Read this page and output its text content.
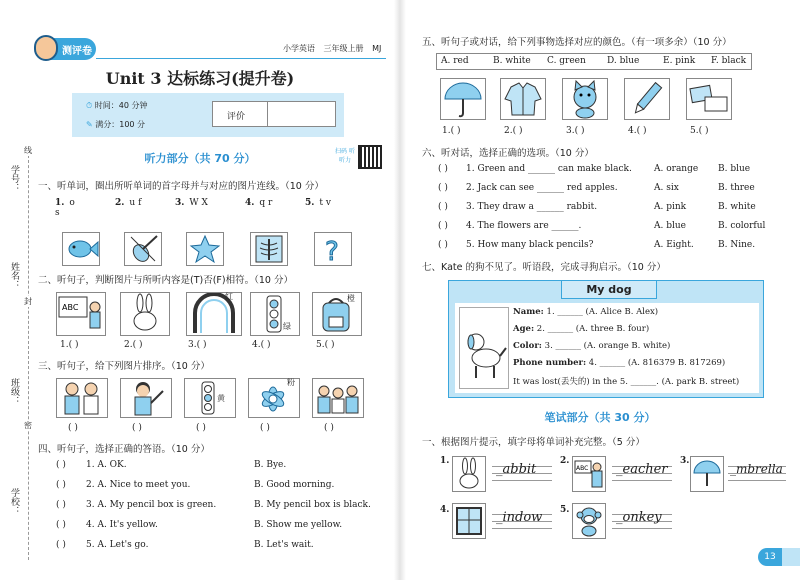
学号：
姓名：
班级：
学校：
线
封
密
测评卷	小学英语 三年级上册 MJ
Unit 3 达标练习(提升卷)
⏱ 时间：40 分钟
✎ 满分：100 分
评价
扫码 听听力
听力部分（共 70 分）
一、听单词，圈出所听单词的首字母并与对应的图片连线。（10 分）
1. o s
2. u f	3. W X	4. q r	5. t v
?
二、听句子，判断图片与所听内容是(T)否(F)相符。（10 分）
ABC
红
绿
橙
1.( )	2.( )	3.( )	4.( )	5.( )
三、听句子，给下列图片排序。（10 分）
黄
粉
( )	( )	( )	( )	( )
四、听句子，选择正确的答语。（10 分）
( ) 1. A. OK.	B. Bye.
( ) 2. A. Nice to meet you.	B. Good morning.
( ) 3. A. My pencil box is green.	B. My pencil box is black.
( ) 4. A. It's yellow.	B. Show me yellow.
( ) 5. A. Let's go.	B. Let's wait.
五、听句子或对话，给下列事物选择对应的颜色。（有一项多余）（10 分）
A. red	B. white C. green D. blue	E. pink F. black
1.( )	2.( )	3.( )	4.( )	5.( )
六、听对话，选择正确的选项。（10 分）
( ) 1. Green and ______ can make black. A. orange B. blue
( ) 2. Jack can see ______ red apples.	A. six	B. three
( ) 3. They draw a ______ rabbit.	A. pink	B. white
( ) 4. The flowers are ______.	A. blue	B. colorful
( ) 5. How many black pencils?	A. Eight.	B. Nine.
七、Kate 的狗不见了。听语段，完成寻狗启示。（10 分）
My dog
Name: 1. ______ (A. Alice B. Alex)
Age: 2. ______ (A. three B. four)
Color: 3. ______ (A. orange B. white)
Phone number: 4. ______ (A. 816379 B. 817269)
It was lost(丢失的) in the 5. ______. (A. park B. street)
笔试部分（共 30 分）
一、根据图片提示，填字母将单词补充完整。（5 分）
1.
_abbit
2.
ABC _eacher
3.
_mbrella
4.	_indow 5.	_onkey
13
